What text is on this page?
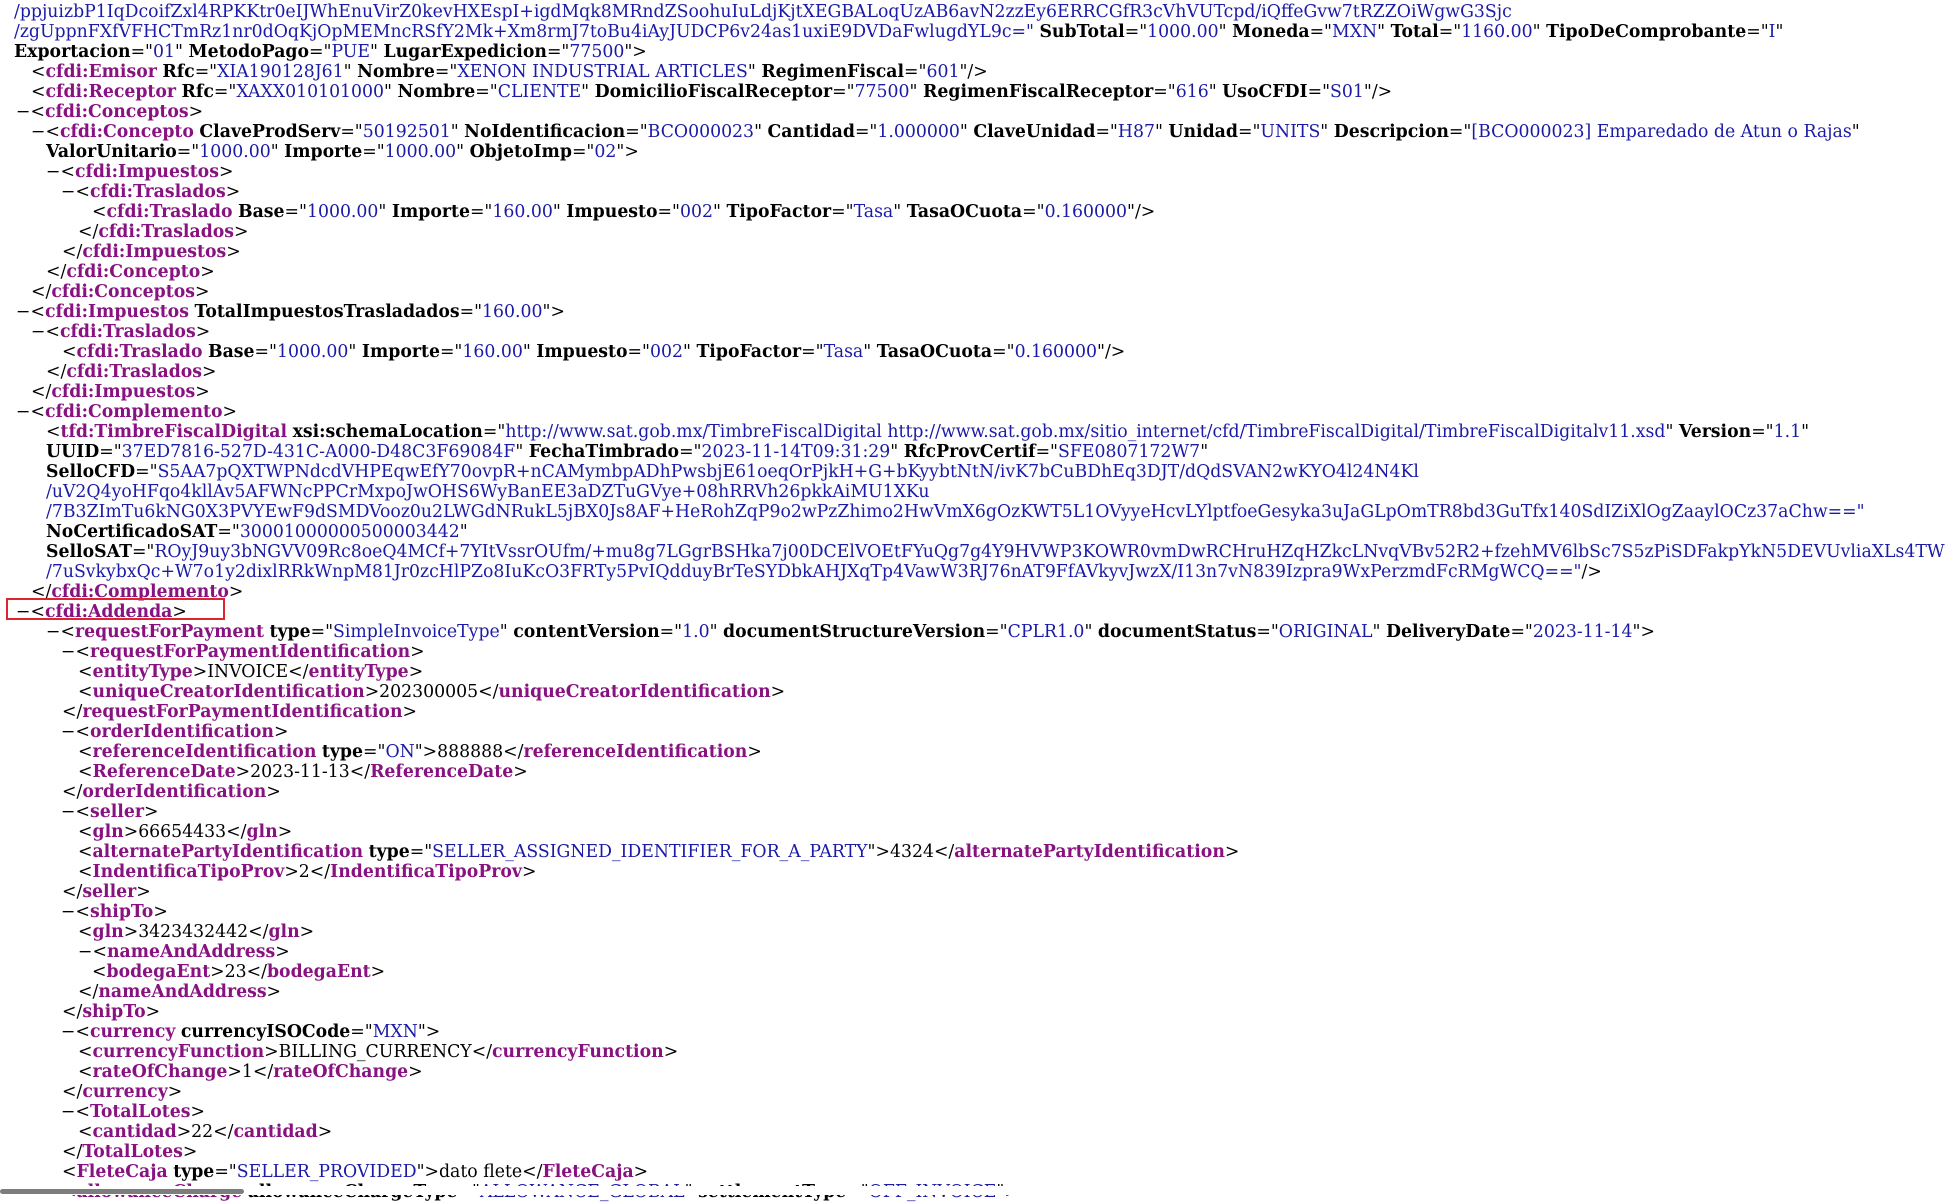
/ppjuizbP1IqDcoifZxl4RPKKtr0eIJWhEnuVirZ0kevHXEspI+igdMqk8MRndZSoohuIuLdjKjtXEGBALoqUzAB6avN2zzEy6ERRCGfR3cVhVUTcpd/iQffeGvw7tRZZOiWgwG3Sjc
/zgUppnFXfVFHCTmRz1nr0dOqKjOpMEMncRSfY2Mk+Xm8rmJ7toBu4iAyJUDCP6v24as1uxiE9DVDaFwlugdYL9c=" SubTotal="1000.00" Moneda="MXN" Total="1160.00" TipoDeComprobante="I"
Exportacion="01" MetodoPago="PUE" LugarExpedicion="77500">
<cfdi:Emisor Rfc="XIA190128J61" Nombre="XENON INDUSTRIAL ARTICLES" RegimenFiscal="601"/>
<cfdi:Receptor Rfc="XAXX010101000" Nombre="CLIENTE" DomicilioFiscalReceptor="77500" RegimenFiscalReceptor="616" UsoCFDI="S01"/>
−<cfdi:Conceptos>
−<cfdi:Concepto ClaveProdServ="50192501" NoIdentificacion="BCO000023" Cantidad="1.000000" ClaveUnidad="H87" Unidad="UNITS" Descripcion="[BCO000023] Emparedado de Atun o Rajas"
ValorUnitario="1000.00" Importe="1000.00" ObjetoImp="02">
−<cfdi:Impuestos>
−<cfdi:Traslados>
<cfdi:Traslado Base="1000.00" Importe="160.00" Impuesto="002" TipoFactor="Tasa" TasaOCuota="0.160000"/>
</cfdi:Traslados>
</cfdi:Impuestos>
</cfdi:Concepto>
</cfdi:Conceptos>
−<cfdi:Impuestos TotalImpuestosTrasladados="160.00">
−<cfdi:Traslados>
<cfdi:Traslado Base="1000.00" Importe="160.00" Impuesto="002" TipoFactor="Tasa" TasaOCuota="0.160000"/>
</cfdi:Traslados>
</cfdi:Impuestos>
−<cfdi:Complemento>
<tfd:TimbreFiscalDigital xsi:schemaLocation="http://www.sat.gob.mx/TimbreFiscalDigital http://www.sat.gob.mx/sitio_internet/cfd/TimbreFiscalDigital/TimbreFiscalDigitalv11.xsd" Version="1.1"
UUID="37ED7816-527D-431C-A000-D48C3F69084F" FechaTimbrado="2023-11-14T09:31:29" RfcProvCertif="SFE0807172W7"
SelloCFD="S5AA7pQXTWPNdcdVHPEqwEfY70ovpR+nCAMymbpADhPwsbjE61oeqOrPjkH+G+bKyybtNtN/ivK7bCuBDhEq3DJT/dQdSVAN2wKYO4l24N4Kl
/uV2Q4yoHFqo4kllAv5AFWNcPPCrMxpoJwOHS6WyBanEE3aDZTuGVye+08hRRVh26pkkAiMU1XKu
/7B3ZImTu6kNG0X3PVYEwF9dSMDVooz0u2LWGdNRukL5jBX0Js8AF+HeRohZqP9o2wPzZhimo2HwVmX6gOzKWT5L1OVyyeHcvLYlptfoeGesyka3uJaGLpOmTR8bd3GuTfx140SdIZiXlOgZaaylOCz37aChw=="
NoCertificadoSAT="30001000000500003442"
SelloSAT="ROyJ9uy3bNGVV09Rc8oeQ4MCf+7YItVssrOUfm/+mu8g7LGgrBSHka7j00DCElVOEtFYuQg7g4Y9HVWP3KOWR0vmDwRCHruHZqHZkcLNvqVBv52R2+fzehMV6lbSc7S5zPiSDFakpYkN5DEVUvliaXLs4TW
/7uSvkybxQc+W7o1y2dixlRRkWnpM81Jr0zcHlPZo8IuKcO3FRTy5PvIQdduyBrTeSYDbkAHJXqTp4VawW3RJ76nAT9FfAVkyvJwzX/I13n7vN839Izpra9WxPerzmdFcRMgWCQ=="/>
</cfdi:Complemento>
−<cfdi:Addenda>
−<requestForPayment type="SimpleInvoiceType" contentVersion="1.0" documentStructureVersion="CPLR1.0" documentStatus="ORIGINAL" DeliveryDate="2023-11-14">
−<requestForPaymentIdentification>
<entityType>INVOICE</entityType>
<uniqueCreatorIdentification>202300005</uniqueCreatorIdentification>
</requestForPaymentIdentification>
−<orderIdentification>
<referenceIdentification type="ON">888888</referenceIdentification>
<ReferenceDate>2023-11-13</ReferenceDate>
</orderIdentification>
−<seller>
<gln>66654433</gln>
<alternatePartyIdentification type="SELLER_ASSIGNED_IDENTIFIER_FOR_A_PARTY">4324</alternatePartyIdentification>
<IndentificaTipoProv>2</IndentificaTipoProv>
</seller>
−<shipTo>
<gln>3423432442</gln>
−<nameAndAddress>
<bodegaEnt>23</bodegaEnt>
</nameAndAddress>
</shipTo>
−<currency currencyISOCode="MXN">
<currencyFunction>BILLING_CURRENCY</currencyFunction>
<rateOfChange>1</rateOfChange>
</currency>
−<TotalLotes>
<cantidad>22</cantidad>
</TotalLotes>
<FleteCaja type="SELLER_PROVIDED">dato flete</FleteCaja>
